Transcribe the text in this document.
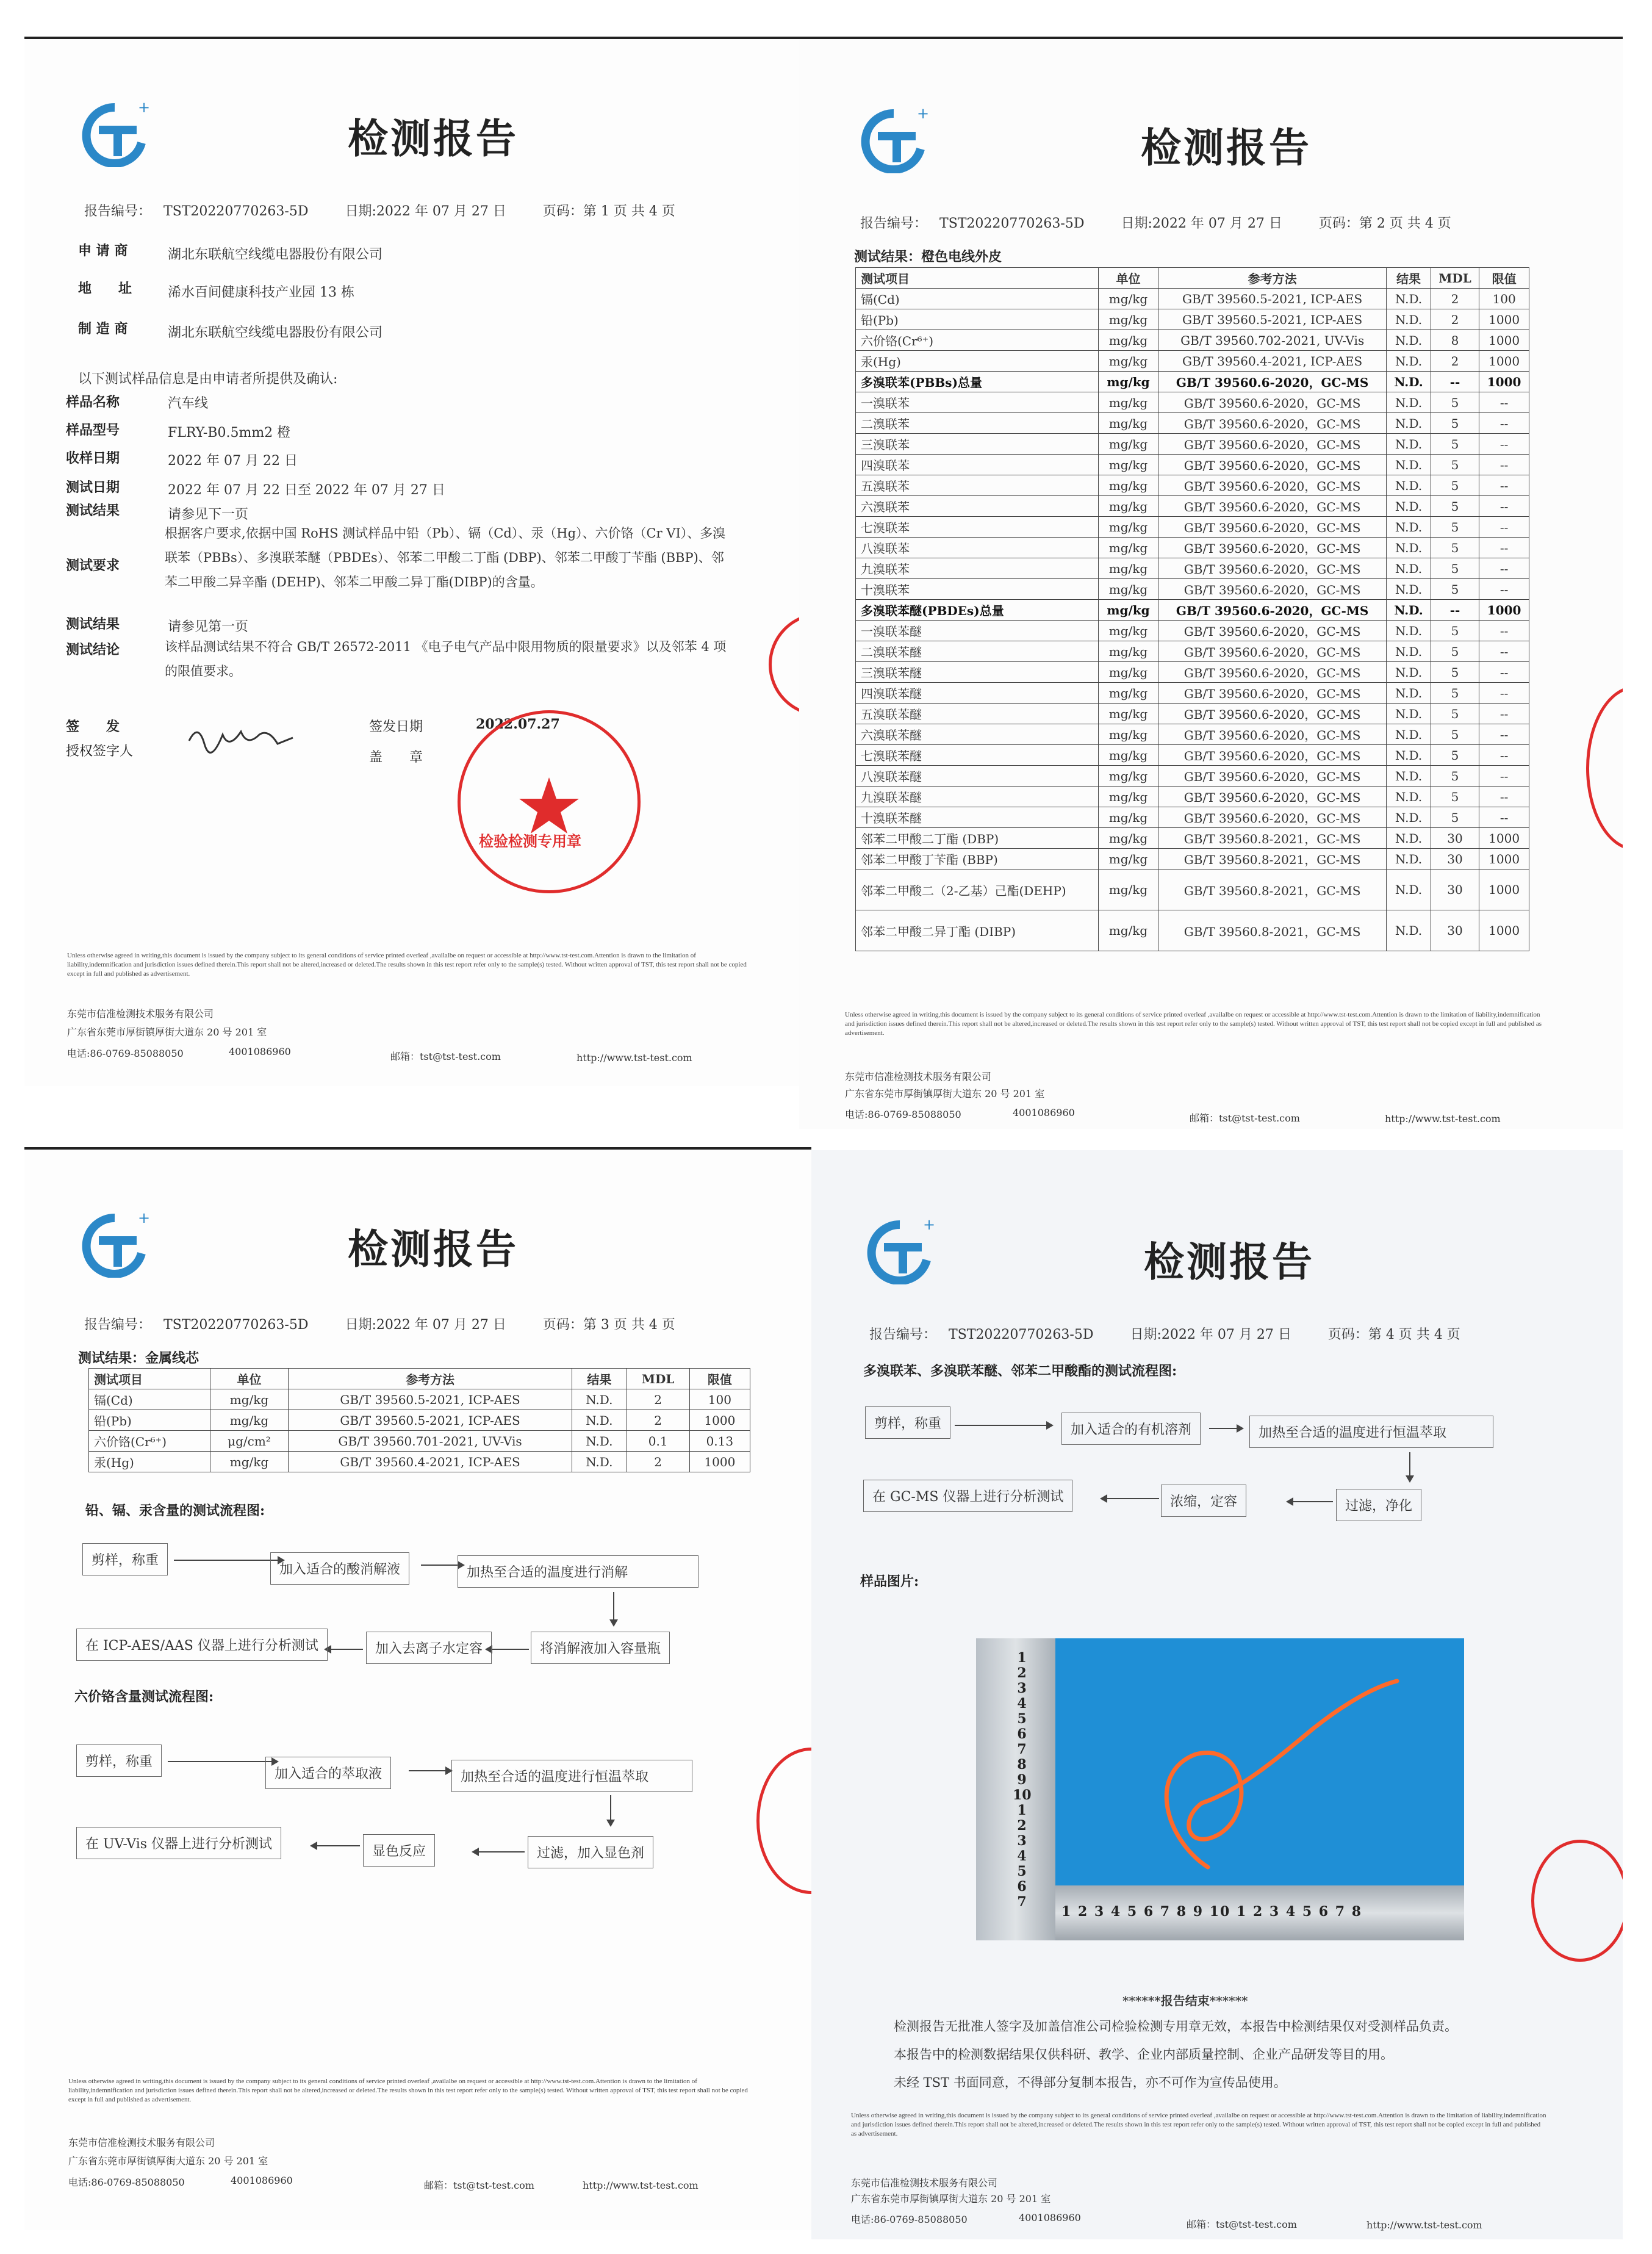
+
检测报告
报告编号： TST20220770263-5D	日期:2022 年 07 月 27 日	页码：第 1 页 共 4 页
申 请 商	湖北东联航空线缆电器股份有限公司
地　　址	浠水百间健康科技产业园 13 栋
制 造 商	湖北东联航空线缆电器股份有限公司
以下测试样品信息是由申请者所提供及确认:
样品名称	汽车线
样品型号	FLRY-B0.5mm2 橙
收样日期	2022 年 07 月 22 日
测试日期	2022 年 07 月 22 日至 2022 年 07 月 27 日
测试结果	请参见下一页
测试要求
根据客户要求,依据中国 RoHS 测试样品中铅（Pb）、镉（Cd）、汞（Hg）、六价铬（Cr VI）、多溴联苯（PBBs）、多溴联苯醚（PBDEs）、邻苯二甲酸二丁酯 (DBP)、邻苯二甲酸丁苄酯 (BBP)、邻苯二甲酸二异辛酯 (DEHP)、邻苯二甲酸二异丁酯(DIBP)的含量。
测试结果	请参见第一页
测试结论	该样品测试结果不符合 GB/T 26572-2011 《电子电气产品中限用物质的限量要求》以及邻苯 4 项的限值要求。
签　　发
授权签字人
签发日期	2022.07.27
盖　　章
检验检测专用章
Unless otherwise agreed in writing,this document is issued by the company subject to its general conditions of service printed overleaf ,availalbe on request or accessible at http://www.tst-test.com.Attention is drawn to the limitation of liability,indemnification and jurisdiction issues defined therein.This report shall not be altered,increased or deleted.The results shown in this test report refer only to the sample(s) tested. Without written approval of TST, this test report shall not be copied except in full and published as advertisement.
东莞市信准检测技术服务有限公司
广东省东莞市厚街镇厚街大道东 20 号 201 室
电话:86-0769-85088050	4001086960	邮箱：tst@tst-test.com	http://www.tst-test.com
+
检测报告
报告编号： TST20220770263-5D	日期:2022 年 07 月 27 日	页码：第 2 页 共 4 页
测试结果：橙色电线外皮
测试项目	单位	参考方法	结果	MDL	限值
镉(Cd)	mg/kg	GB/T 39560.5-2021, ICP-AES	N.D.	2	100
铅(Pb)	mg/kg	GB/T 39560.5-2021, ICP-AES	N.D.	2	1000
六价铬(Cr⁶⁺)	mg/kg	GB/T 39560.702-2021, UV-Vis	N.D.	8	1000
汞(Hg)	mg/kg	GB/T 39560.4-2021, ICP-AES	N.D.	2	1000
多溴联苯(PBBs)总量	mg/kg	GB/T 39560.6-2020，GC-MS	N.D.	--	1000
一溴联苯	mg/kg	GB/T 39560.6-2020，GC-MS	N.D.	5	--
二溴联苯	mg/kg	GB/T 39560.6-2020，GC-MS	N.D.	5	--
三溴联苯	mg/kg	GB/T 39560.6-2020，GC-MS	N.D.	5	--
四溴联苯	mg/kg	GB/T 39560.6-2020，GC-MS	N.D.	5	--
五溴联苯	mg/kg	GB/T 39560.6-2020，GC-MS	N.D.	5	--
六溴联苯	mg/kg	GB/T 39560.6-2020，GC-MS	N.D.	5	--
七溴联苯	mg/kg	GB/T 39560.6-2020，GC-MS	N.D.	5	--
八溴联苯	mg/kg	GB/T 39560.6-2020，GC-MS	N.D.	5	--
九溴联苯	mg/kg	GB/T 39560.6-2020，GC-MS	N.D.	5	--
十溴联苯	mg/kg	GB/T 39560.6-2020，GC-MS	N.D.	5	--
多溴联苯醚(PBDEs)总量	mg/kg	GB/T 39560.6-2020，GC-MS	N.D.	--	1000
一溴联苯醚	mg/kg	GB/T 39560.6-2020，GC-MS	N.D.	5	--
二溴联苯醚	mg/kg	GB/T 39560.6-2020，GC-MS	N.D.	5	--
三溴联苯醚	mg/kg	GB/T 39560.6-2020，GC-MS	N.D.	5	--
四溴联苯醚	mg/kg	GB/T 39560.6-2020，GC-MS	N.D.	5	--
五溴联苯醚	mg/kg	GB/T 39560.6-2020，GC-MS	N.D.	5	--
六溴联苯醚	mg/kg	GB/T 39560.6-2020，GC-MS	N.D.	5	--
七溴联苯醚	mg/kg	GB/T 39560.6-2020，GC-MS	N.D.	5	--
八溴联苯醚	mg/kg	GB/T 39560.6-2020，GC-MS	N.D.	5	--
九溴联苯醚	mg/kg	GB/T 39560.6-2020，GC-MS	N.D.	5	--
十溴联苯醚	mg/kg	GB/T 39560.6-2020，GC-MS	N.D.	5	--
邻苯二甲酸二丁酯 (DBP)	mg/kg	GB/T 39560.8-2021，GC-MS	N.D.	30	1000
邻苯二甲酸丁苄酯 (BBP)	mg/kg	GB/T 39560.8-2021，GC-MS	N.D.	30	1000
邻苯二甲酸二（2-乙基）己酯(DEHP)	mg/kg	GB/T 39560.8-2021，GC-MS	N.D.	30	1000
邻苯二甲酸二异丁酯 (DIBP)	mg/kg	GB/T 39560.8-2021，GC-MS	N.D.	30	1000
Unless otherwise agreed in writing,this document is issued by the company subject to its general conditions of service printed overleaf ,availalbe on request or accessible at http://www.tst-test.com.Attention is drawn to the limitation of liability,indemnification and jurisdiction issues defined therein.This report shall not be altered,increased or deleted.The results shown in this test report refer only to the sample(s) tested. Without written approval of TST, this test report shall not be copied except in full and published as advertisement.
东莞市信准检测技术服务有限公司
广东省东莞市厚街镇厚街大道东 20 号 201 室
电话:86-0769-85088050	4001086960	邮箱：tst@tst-test.com	http://www.tst-test.com
+
检测报告
报告编号： TST20220770263-5D	日期:2022 年 07 月 27 日	页码：第 3 页 共 4 页
测试结果：金属线芯
测试项目	单位	参考方法	结果	MDL	限值
镉(Cd)	mg/kg	GB/T 39560.5-2021, ICP-AES	N.D.	2	100
铅(Pb)	mg/kg	GB/T 39560.5-2021, ICP-AES	N.D.	2	1000
六价铬(Cr⁶⁺)	μg/cm²	GB/T 39560.701-2021, UV-Vis	N.D.	0.1	0.13
汞(Hg)	mg/kg	GB/T 39560.4-2021, ICP-AES	N.D.	2	1000
铅、镉、汞含量的测试流程图:
剪样，称重
加入适合的酸消解液	加热至合适的温度进行消解
将消解液加入容量瓶
加入去离子水定容
在 ICP-AES/AAS 仪器上进行分析测试
六价铬含量测试流程图:
剪样，称重
加入适合的萃取液	加热至合适的温度进行恒温萃取
过滤，加入显色剂
显色反应
在 UV-Vis 仪器上进行分析测试
Unless otherwise agreed in writing,this document is issued by the company subject to its general conditions of service printed overleaf ,availalbe on request or accessible at http://www.tst-test.com.Attention is drawn to the limitation of liability,indemnification and jurisdiction issues defined therein.This report shall not be altered,increased or deleted.The results shown in this test report refer only to the sample(s) tested. Without written approval of TST, this test report shall not be copied except in full and published as advertisement.
东莞市信准检测技术服务有限公司
广东省东莞市厚街镇厚街大道东 20 号 201 室
电话:86-0769-85088050	4001086960	邮箱：tst@tst-test.com	http://www.tst-test.com
+
检测报告
报告编号： TST20220770263-5D	日期:2022 年 07 月 27 日	页码：第 4 页 共 4 页
多溴联苯、多溴联苯醚、邻苯二甲酸酯的测试流程图:
剪样，称重	加入适合的有机溶剂	加热至合适的温度进行恒温萃取
过滤，净化
浓缩，定容
在 GC-MS 仪器上进行分析测试
样品图片:
1 2 3 4 5 6 7 8 9 10 1 2 3 4 5 6 7
1 2 3 4 5 6 7 8 9 10 1 2 3 4 5 6 7 8
******报告结束******
检测报告无批准人签字及加盖信准公司检验检测专用章无效，本报告中检测结果仅对受测样品负责。
本报告中的检测数据结果仅供科研、教学、企业内部质量控制、企业产品研发等目的用。
未经 TST 书面同意，不得部分复制本报告，亦不可作为宣传品使用。
Unless otherwise agreed in writing,this document is issued by the company subject to its general conditions of service printed overleaf ,availalbe on request or accessible at http://www.tst-test.com.Attention is drawn to the limitation of liability,indemnification and jurisdiction issues defined therein.This report shall not be altered,increased or deleted.The results shown in this test report refer only to the sample(s) tested. Without written approval of TST, this test report shall not be copied except in full and published as advertisement.
东莞市信准检测技术服务有限公司
广东省东莞市厚街镇厚街大道东 20 号 201 室
电话:86-0769-85088050	4001086960
邮箱：tst@tst-test.com	http://www.tst-test.com
